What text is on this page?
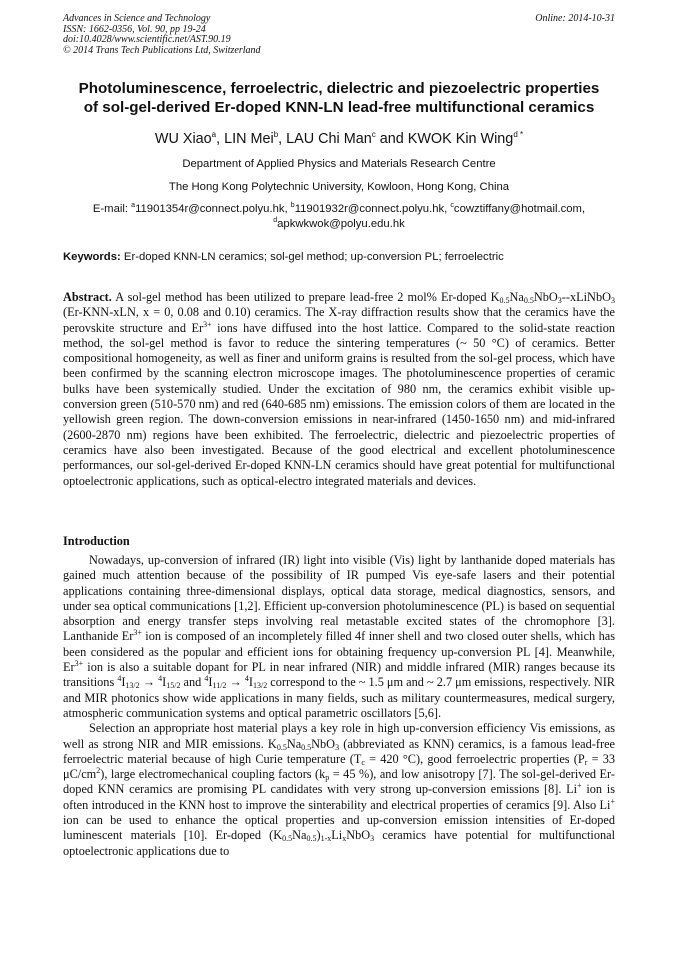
Advances in Science and Technology
ISSN: 1662-0356, Vol. 90, pp 19-24
doi:10.4028/www.scientific.net/AST.90.19
© 2014 Trans Tech Publications Ltd, Switzerland
Online: 2014-10-31
Photoluminescence, ferroelectric, dielectric and piezoelectric properties
of sol-gel-derived Er-doped KNN-LN lead-free multifunctional ceramics
WU Xiao$^a$, LIN Mei$^b$, LAU Chi Man$^c$ and KWOK Kin Wing$^{d *}$
Department of Applied Physics and Materials Research Centre
The Hong Kong Polytechnic University, Kowloon, Hong Kong, China
E-mail: $^a$11901354r@connect.polyu.hk, $^b$11901932r@connect.polyu.hk, $^c$cowztiffany@hotmail.com,
$^d$apkwkwok@polyu.edu.hk
Keywords: Er-doped KNN-LN ceramics; sol-gel method; up-conversion PL; ferroelectric
Abstract. A sol-gel method has been utilized to prepare lead-free 2 mol% Er-doped $K_{0.5}Na_{0.5}NbO_3--xLiNbO_3$ (Er-KNN-xLN, x = 0, 0.08 and 0.10) ceramics. The X-ray diffraction results show that the ceramics have the perovskite structure and $Er^{3+}$ ions have diffused into the host lattice. Compared to the solid-state reaction method, the sol-gel method is favor to reduce the sintering temperatures (~ 50 °C) of ceramics. Better compositional homogeneity, as well as finer and uniform grains is resulted from the sol-gel process, which have been confirmed by the scanning electron microscope images. The photoluminescence properties of ceramic bulks have been systemically studied. Under the excitation of 980 nm, the ceramics exhibit visible up-conversion green (510-570 nm) and red (640-685 nm) emissions. The emission colors of them are located in the yellowish green region. The down-conversion emissions in near-infrared (1450-1650 nm) and mid-infrared (2600-2870 nm) regions have been exhibited. The ferroelectric, dielectric and piezoelectric properties of ceramics have also been investigated. Because of the good electrical and excellent photoluminescence performances, our sol-gel-derived Er-doped KNN-LN ceramics should have great potential for multifunctional optoelectronic applications, such as optical-electro integrated materials and devices.
Introduction

Nowadays, up-conversion of infrared (IR) light into visible (Vis) light by lanthanide doped materials has gained much attention because of the possibility of IR pumped Vis eye-safe lasers and their potential applications containing three-dimensional displays, optical data storage, medical diagnostics, sensors, and under sea optical communications [1,2]. Efficient up-conversion photoluminescence (PL) is based on sequential absorption and energy transfer steps involving real metastable excited states of the chromophore [3]. Lanthanide $Er^{3+}$ ion is composed of an incompletely filled 4f inner shell and two closed outer shells, which has been considered as the popular and efficient ions for obtaining frequency up-conversion PL [4]. Meanwhile, $Er^{3+}$ ion is also a suitable dopant for PL in near infrared (NIR) and middle infrared (MIR) ranges because its transitions $^4I_{13/2} \to ^4I_{15/2}$ and $^4I_{11/2} \to ^4I_{13/2}$ correspond to the ~ 1.5 μm and ~ 2.7 μm emissions, respectively. NIR and MIR photonics show wide applications in many fields, such as military countermeasures, medical surgery, atmospheric communication systems and optical parametric oscillators [5,6].

Selection an appropriate host material plays a key role in high up-conversion efficiency Vis emissions, as well as strong NIR and MIR emissions. $K_{0.5}Na_{0.5}NbO_3$ (abbreviated as KNN) ceramics, is a famous lead-free ferroelectric material because of high Curie temperature ($T_c = 420$ °C), good ferroelectric properties ($P_r = 33$ $\mu C/cm^2$), large electromechanical coupling factors ($k_p = 45$ %), and low anisotropy [7]. The sol-gel-derived Er-doped KNN ceramics are promising PL candidates with very strong up-conversion emissions [8]. Li+ ion is often introduced in the KNN host to improve the sinterability and electrical properties of ceramics [9]. Also Li+ ion can be used to enhance the optical properties and up-conversion emission intensities of Er-doped luminescent materials [10]. Er-doped $(K_{0.5}Na_{0.5})_{1-x}Li_xNbO_3$ ceramics have potential for multifunctional optoelectronic applications due to
